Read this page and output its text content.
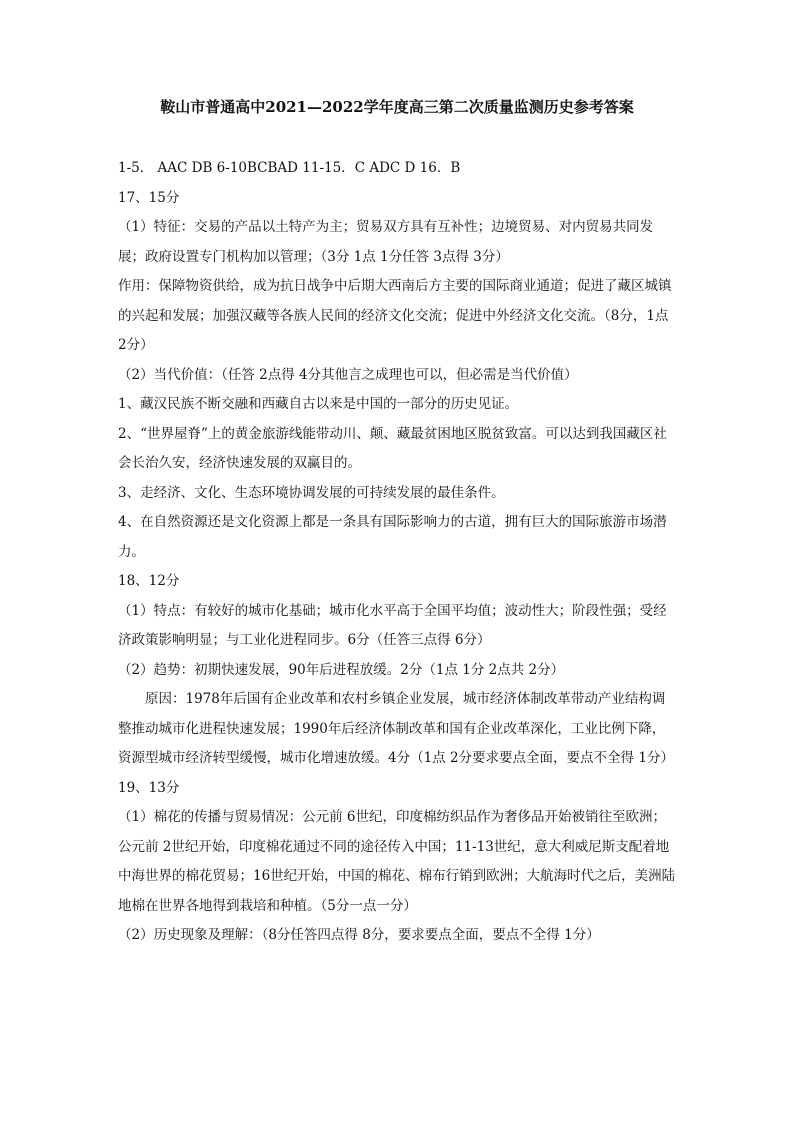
鞍山市普通高中2021—2022学年度高三第二次质量监测历史参考答案
1-5． AAC DB 6-10BCBAD 11-15．C ADC D 16．B
17、15分
（1）特征：交易的产品以土特产为主；贸易双方具有互补性；边境贸易、对内贸易共同发展；政府设置专门机构加以管理；（3分 1点 1分任答 3点得 3分）
作用：保障物资供给，成为抗日战争中后期大西南后方主要的国际商业通道；促进了藏区城镇的兴起和发展；加强汉藏等各族人民间的经济文化交流；促进中外经济文化交流。（8分，1点 2分）
（2）当代价值：（任答 2点得 4分其他言之成理也可以，但必需是当代价值）
1、藏汉民族不断交融和西藏自古以来是中国的一部分的历史见证。
2、“世界屋脊”上的黄金旅游线能带动川、颠、藏最贫困地区脱贫致富。可以达到我国藏区社会长治久安，经济快速发展的双赢目的。
3、走经济、文化、生态环境协调发展的可持续发展的最佳条件。
4、在自然资源还是文化资源上都是一条具有国际影响力的古道，拥有巨大的国际旅游市场潜力。
18、12分
（1）特点：有较好的城市化基础；城市化水平高于全国平均值；波动性大；阶段性强；受经济政策影响明显；与工业化进程同步。6分（任答三点得 6分）
（2）趋势：初期快速发展，90年后进程放缓。2分（1点 1分 2点共 2分）
原因：1978年后国有企业改革和农村乡镇企业发展，城市经济体制改革带动产业结构调整推动城市化进程快速发展；1990年后经济体制改革和国有企业改革深化，工业比例下降，资源型城市经济转型缓慢，城市化增速放缓。4分（1点 2分要求要点全面，要点不全得 1分）
19、13分
（1）棉花的传播与贸易情况：公元前 6世纪，印度棉纺织品作为奢侈品开始被销往至欧洲；公元前 2世纪开始，印度棉花通过不同的途径传入中国；11-13世纪，意大利威尼斯支配着地中海世界的棉花贸易；16世纪开始，中国的棉花、棉布行销到欧洲；大航海时代之后，美洲陆地棉在世界各地得到栽培和种植。（5分一点一分）
（2）历史现象及理解：（8分任答四点得 8分，要求要点全面，要点不全得 1分）
